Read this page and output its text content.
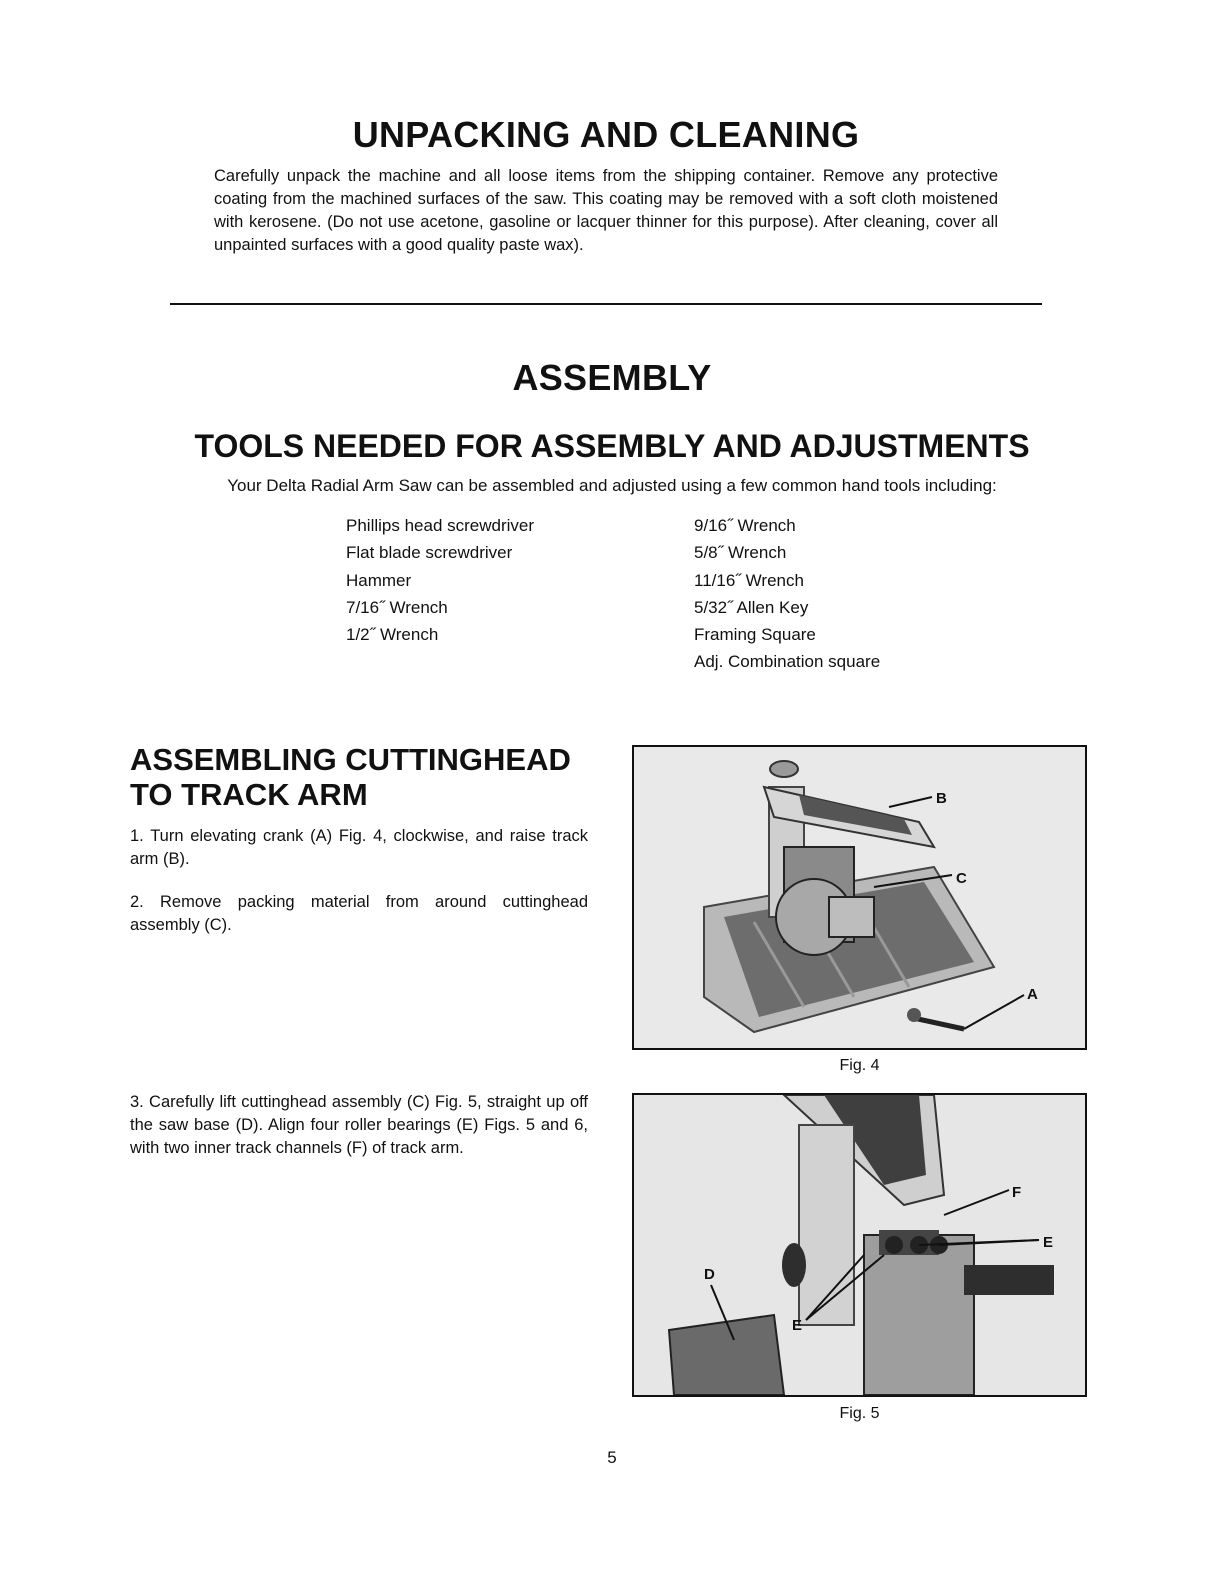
UNPACKING AND CLEANING
Carefully unpack the machine and all loose items from the shipping container. Remove any protective coating from the machined surfaces of the saw. This coating may be removed with a soft cloth moistened with kerosene. (Do not use acetone, gasoline or lacquer thinner for this purpose). After cleaning, cover all unpainted surfaces with a good quality paste wax).
ASSEMBLY
TOOLS NEEDED FOR ASSEMBLY AND ADJUSTMENTS
Your Delta Radial Arm Saw can be assembled and adjusted using a few common hand tools including:
Phillips head screwdriver
Flat blade screwdriver
Hammer
7/16˝ Wrench
1/2˝ Wrench
9/16˝ Wrench
5/8˝ Wrench
11/16˝ Wrench
5/32˝ Allen Key
Framing Square
Adj. Combination square
ASSEMBLING CUTTINGHEAD
TO TRACK ARM
1. Turn elevating crank (A) Fig. 4, clockwise, and raise track arm (B).
2. Remove packing material from around cuttinghead assembly (C).
3. Carefully lift cuttinghead assembly (C) Fig. 5, straight up off the saw base (D). Align four roller bearings (E) Figs. 5 and 6, with two inner track channels (F) of track arm.
B
C
A
Fig. 4
F
E
D
E
Fig. 5
5
